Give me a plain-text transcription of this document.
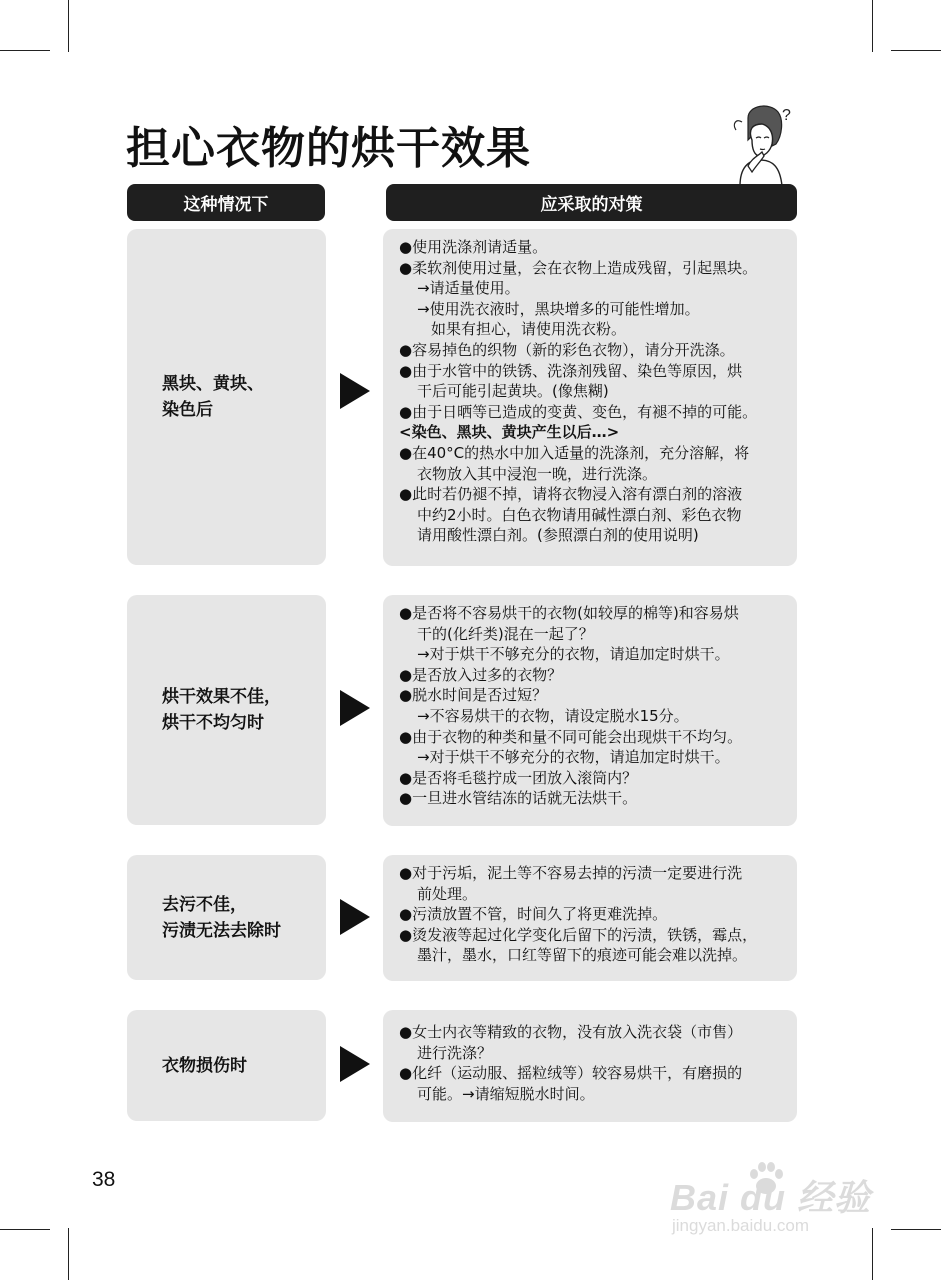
担心衣物的烘干效果
?
这种情况下	应采取的对策
黑块、黄块、
染色后
●使用洗涤剂请适量。
●柔软剂使用过量，会在衣物上造成残留，引起黑块。
→请适量使用。
→使用洗衣液时，黑块增多的可能性增加。
如果有担心，请使用洗衣粉。
●容易掉色的织物（新的彩色衣物），请分开洗涤。
●由于水管中的铁锈、洗涤剂残留、染色等原因，烘
干后可能引起黄块。(像焦糊)
●由于日晒等已造成的变黄、变色，有褪不掉的可能。
<染色、黑块、黄块产生以后…>
●在40°C的热水中加入适量的洗涤剂，充分溶解，将
衣物放入其中浸泡一晚，进行洗涤。
●此时若仍褪不掉，请将衣物浸入溶有漂白剂的溶液
中约2小时。白色衣物请用碱性漂白剂、彩色衣物
请用酸性漂白剂。(参照漂白剂的使用说明)
烘干效果不佳，
烘干不均匀时
●是否将不容易烘干的衣物(如较厚的棉等)和容易烘
干的(化纤类)混在一起了？
→对于烘干不够充分的衣物，请追加定时烘干。
●是否放入过多的衣物？
●脱水时间是否过短？
→不容易烘干的衣物，请设定脱水15分。
●由于衣物的种类和量不同可能会出现烘干不均匀。
→对于烘干不够充分的衣物，请追加定时烘干。
●是否将毛毯拧成一团放入滚筒内？
●一旦进水管结冻的话就无法烘干。
去污不佳，
污渍无法去除时
●对于污垢，泥土等不容易去掉的污渍一定要进行洗
前处理。
●污渍放置不管，时间久了将更难洗掉。
●烫发液等起过化学变化后留下的污渍，铁锈，霉点，
墨汁，墨水，口红等留下的痕迹可能会难以洗掉。
衣物损伤时
●女士内衣等精致的衣物，没有放入洗衣袋（市售）
进行洗涤？
●化纤（运动服、摇粒绒等）较容易烘干，有磨损的
可能。→请缩短脱水时间。
38	Bai du 经验
jingyan.baidu.com
